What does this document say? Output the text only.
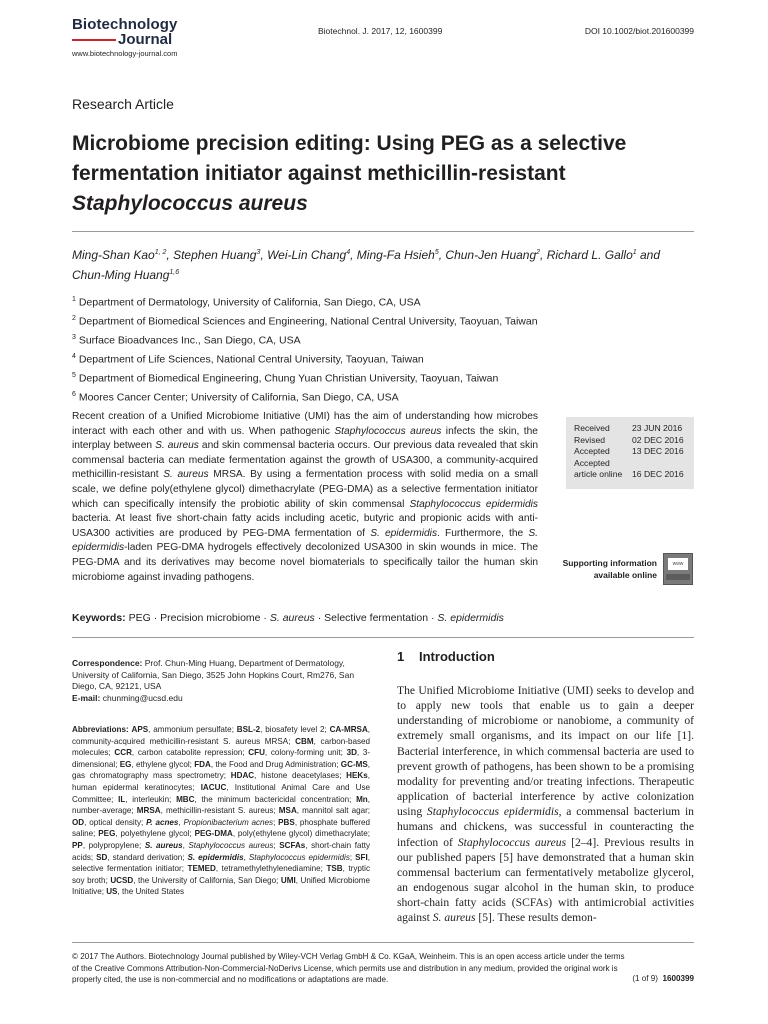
Biotechnology
Journal
www.biotechnology-journal.com
Biotechnol. J. 2017, 12, 1600399	DOI 10.1002/biot.201600399
Research Article
Microbiome precision editing: Using PEG as a selective
fermentation initiator against methicillin-resistant
Staphylococcus aureus
Ming-Shan Kao$^{1, 2}$, Stephen Huang$^3$, Wei-Lin Chang$^4$, Ming-Fa Hsieh$^5$, Chun-Jen Huang$^2$, Richard L. Gallo$^1$ and Chun-Ming Huang$^{1,6}$
$^1$ Department of Dermatology, University of California, San Diego, CA, USA
$^2$ Department of Biomedical Sciences and Engineering, National Central University, Taoyuan, Taiwan
$^3$ Surface Bioadvances Inc., San Diego, CA, USA
$^4$ Department of Life Sciences, National Central University, Taoyuan, Taiwan
$^5$ Department of Biomedical Engineering, Chung Yuan Christian University, Taoyuan, Taiwan
$^6$ Moores Cancer Center; University of California, San Diego, CA, USA
Recent creation of a Unified Microbiome Initiative (UMI) has the aim of understanding how microbes interact with each other and with us. When pathogenic Staphylococcus aureus infects the skin, the interplay between S. aureus and skin commensal bacteria occurs. Our previous data revealed that skin commensal bacteria can mediate fermentation against the growth of USA300, a community-acquired methicillin-resistant S. aureus MRSA. By using a fermentation process with solid media on a small scale, we define poly(ethylene glycol) dimethacrylate (PEG-DMA) as a selective fermentation initiator which can specifically intensify the probiotic ability of skin commensal Staphylococcus epidermidis bacteria. At least five short-chain fatty acids including acetic, butyric and propionic acids with anti-USA300 activities are produced by PEG-DMA fermentation of S. epidermidis. Furthermore, the S. epidermidis-laden PEG-DMA hydrogels effectively decolonized USA300 in skin wounds in mice. The PEG-DMA and its derivatives may become novel biomaterials to specifically tailor the human skin microbiome against invading pathogens.
Received	23 JUN 2016
Revised	02 DEC 2016
Accepted	13 DEC 2016
Accepted
article online 16 DEC 2016
Supporting information
available online
www
Keywords: PEG · Precision microbiome · S. aureus · Selective fermentation · S. epidermidis
Correspondence: Prof. Chun-Ming Huang, Department of Dermatology, University of California, San Diego, 3525 John Hopkins Court, Rm276, San Diego, CA, 92121, USA
E-mail: chunming@ucsd.edu
Abbreviations: APS, ammonium persulfate; BSL-2, biosafety level 2; CA-MRSA, community-acquired methicillin-resistant S. aureus MRSA; CBM, carbon-based molecules; CCR, carbon catabolite repression; CFU, colony-forming unit; 3D, 3-dimensional; EG, ethylene glycol; FDA, the Food and Drug Administration; GC-MS, gas chromatography mass spectrometry; HDAC, histone deacetylases; HEKs, human epidermal keratinocytes; IACUC, Institutional Animal Care and Use Committee; IL, interleukin; MBC, the minimum bactericidal concentration; Mn, number-average; MRSA, methicillin-resistant S. aureus; MSA, mannitol salt agar; OD, optical density; P. acnes, Propionibacterium acnes; PBS, phosphate buffered saline; PEG, polyethylene glycol; PEG-DMA, poly(ethylene glycol) dimethacrylate; PP, polypropylene; S. aureus, Staphylococcus aureus; SCFAs, short-chain fatty acids; SD, standard derivation; S. epidermidis, Staphylococcus epidermidis; SFI, selective fermentation initiator; TEMED, tetramethylethylenediamine; TSB, tryptic soy broth; UCSD, the University of California, San Diego; UMI, Unified Microbiome Initiative; US, the United States
1 Introduction
The Unified Microbiome Initiative (UMI) seeks to develop and to apply new tools that enable us to gain a deeper understanding of microbiome or nanobiome, a community of extremely small organisms, and its impact on our life [1]. Bacterial interference, in which commensal bacteria are used to prevent growth of pathogens, has been shown to be a promising modality for preventing and/or treating infections. Therapeutic application of bacterial interference by active colonization using Staphylococcus epidermidis, a commensal bacterium in humans and chickens, was successful in counteracting the infection of Staphylococcus aureus [2–4]. Previous results in our published papers [5] have demonstrated that a human skin commensal bacterium can fermentatively metabolize glycerol, an endogenous sugar alcohol in the human skin, to produce short-chain fatty acids (SCFAs) with antimicrobial activities against S. aureus [5]. These results demon-
© 2017 The Authors. Biotechnology Journal published by Wiley-VCH Verlag GmbH & Co. KGaA, Weinheim. This is an open access article under the terms of the Creative Commons Attribution-Non-Commercial-NoDerivs License, which permits use and distribution in any medium, provided the original work is properly cited, the use is non-commercial and no modifications or adaptations are made.	(1 of 9) 1600399
